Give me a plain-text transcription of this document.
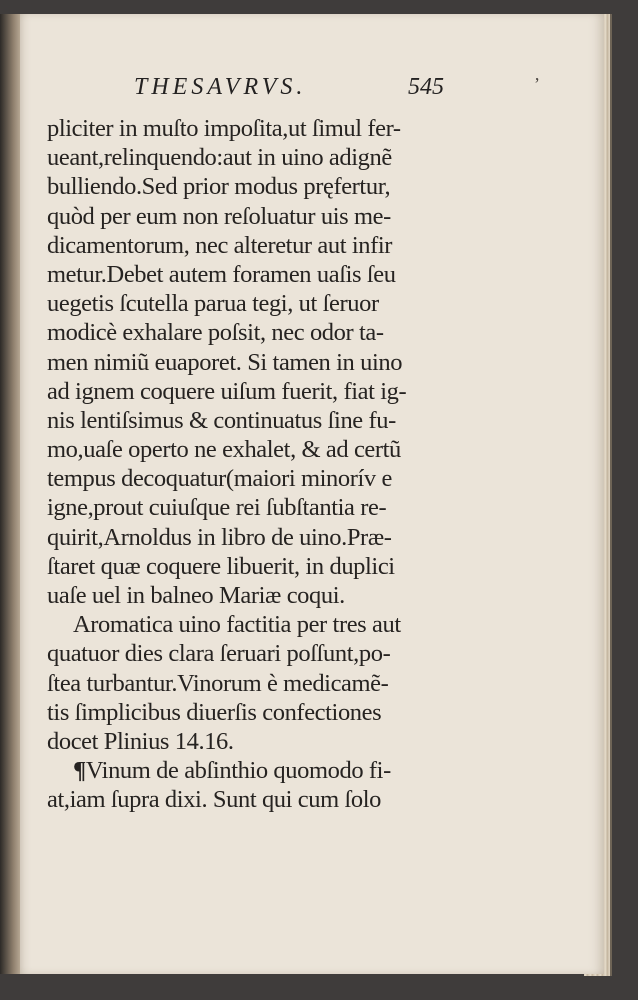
THESAVRVS.	545	’
pliciter in muſto impoſita,ut ſimul fer-
ueant,relinquendo:aut in uino adignẽ
bulliendo.Sed prior modus pręfertur,
quòd per eum non reſoluatur uis me-
dicamentorum, nec alteretur aut infir
metur.Debet autem foramen uaſis ſeu
uegetis ſcutella parua tegi, ut ſeruor
modicè exhalare poſsit, nec odor ta-
men nimiũ euaporet. Si tamen in uino
ad ignem coquere uiſum fuerit, fiat ig-
nis lentiſsimus & continuatus ſine fu-
mo,uaſe operto ne exhalet, & ad certũ
tempus decoquatur(maiori minorív e
igne,prout cuiuſque rei ſubſtantia re-
quirit,Arnoldus in libro de uino.Præ-
ſtaret quæ coquere libuerit, in duplici
uaſe uel in balneo Mariæ coqui.
Aromatica uino factitia per tres aut
quatuor dies clara ſeruari poſſunt,po-
ſtea turbantur.Vinorum è medicamẽ-
tis ſimplicibus diuerſis confectiones
docet Plinius 14.16.
¶Vinum de abſinthio quomodo fi-
at,iam ſupra dixi. Sunt qui cum ſolo
